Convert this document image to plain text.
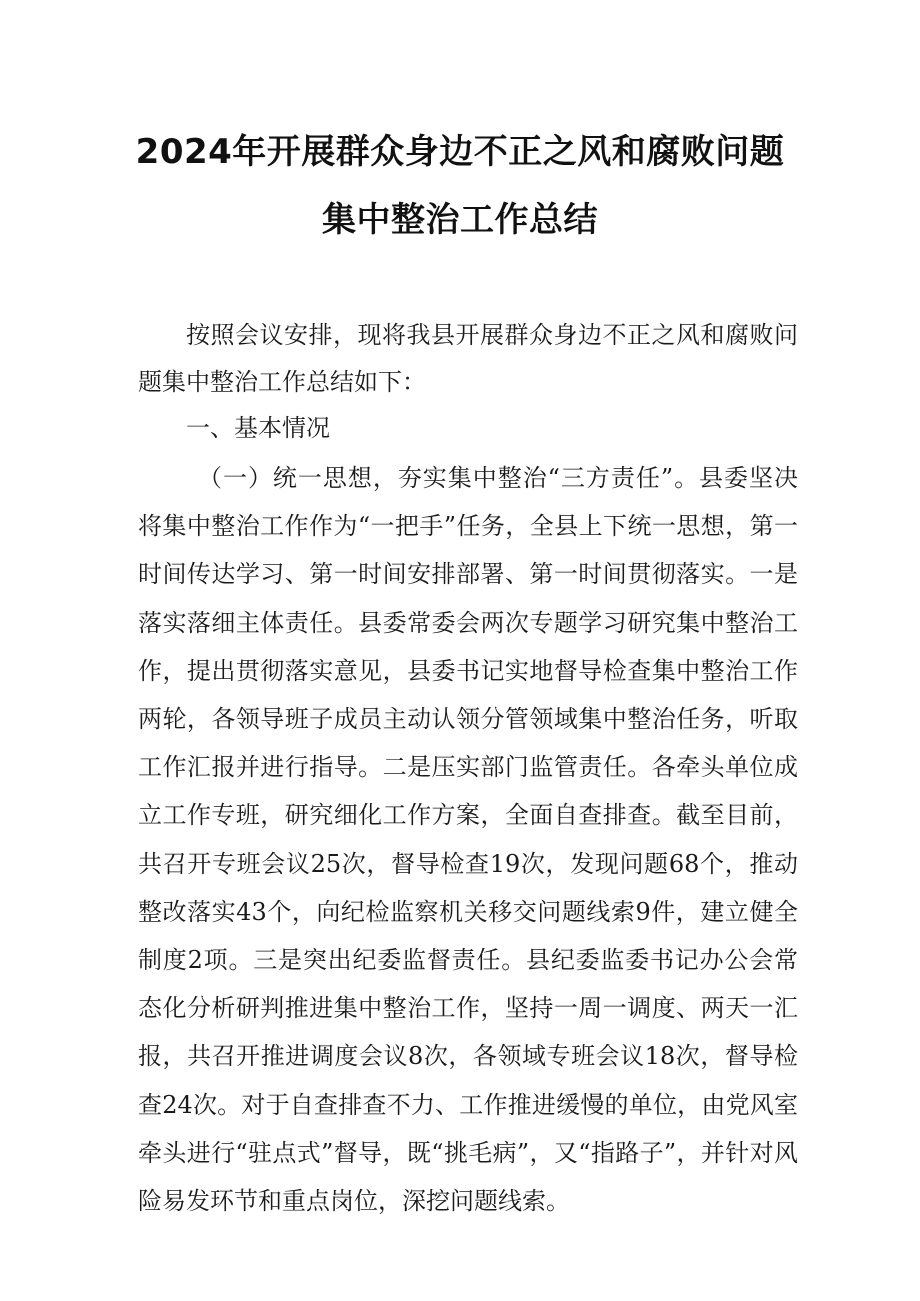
2024年开展群众身边不正之风和腐败问题
集中整治工作总结
按照会议安排，现将我县开展群众身边不正之风和腐败问题集中整治工作总结如下：
一、基本情况
（一）统一思想，夯实集中整治“三方责任”。县委坚决将集中整治工作作为“一把手”任务，全县上下统一思想，第一时间传达学习、第一时间安排部署、第一时间贯彻落实。一是落实落细主体责任。县委常委会两次专题学习研究集中整治工作，提出贯彻落实意见，县委书记实地督导检查集中整治工作两轮，各领导班子成员主动认领分管领域集中整治任务，听取工作汇报并进行指导。二是压实部门监管责任。各牵头单位成立工作专班，研究细化工作方案，全面自查排查。截至目前，共召开专班会议25次，督导检查19次，发现问题68个，推动整改落实43个，向纪检监察机关移交问题线索9件，建立健全制度2项。三是突出纪委监督责任。县纪委监委书记办公会常态化分析研判推进集中整治工作，坚持一周一调度、两天一汇报，共召开推进调度会议8次，各领域专班会议18次，督导检查24次。对于自查排查不力、工作推进缓慢的单位，由党风室牵头进行“驻点式”督导，既“挑毛病”，又“指路子”，并针对风险易发环节和重点岗位，深挖问题线索。
